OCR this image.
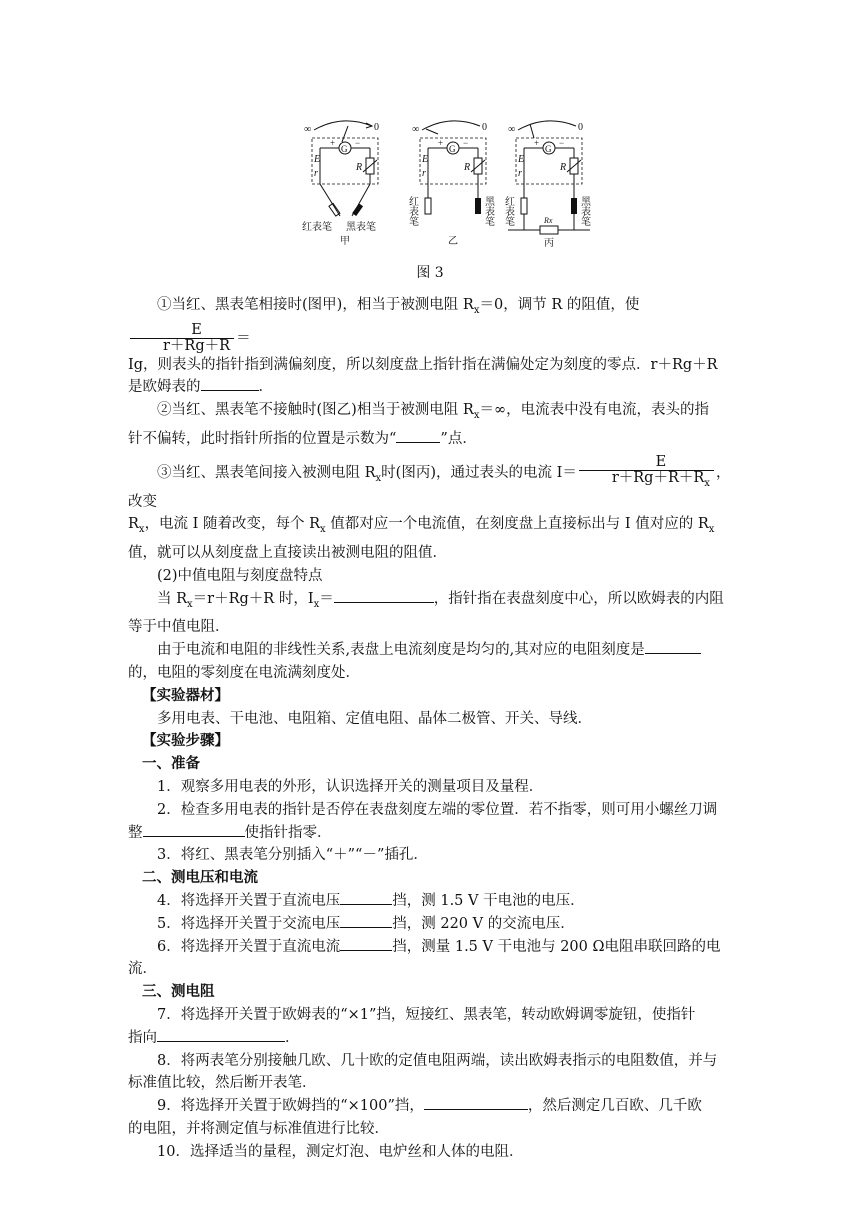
∞	0
G
+ −
E
r
R
红表笔 黑表笔
甲
∞	0
G
+ −
E
r
R
红表笔	黑表笔
乙
∞	0
G
+ −
E
r
R
Rx
红表笔	黑表笔
丙
图 3

①当红、黑表笔相接时(图甲)，相当于被测电阻 $R_x=0$，调节 R 的阻值，使
$\frac{E}{r+Rg+R}$ ＝

Ig，则表头的指针指到满偏刻度，所以刻度盘上指针指在满偏处定为刻度的零点．r＋Rg＋R

是欧姆表的	．

②当红、黑表笔不接触时(图乙)相当于被测电阻 $R_x=\infty$，电流表中没有电流，表头的指

针不偏转，此时指针所指的位置是示数为“	”点．

③当红、黑表笔间接入被测电阻 $R_x$时(图丙)，通过表头的电流 $I= \frac{E}{r+Rg+R+R_x}$ ，改变

$R_x$，电流 I 随着改变，每个 $R_x$ 值都对应一个电流值，在刻度盘上直接标出与 I 值对应的 $R_x$

值，就可以从刻度盘上直接读出被测电阻的阻值．

(2)中值电阻与刻度盘特点

当 $R_x=r+Rg+R$ 时，$I_x=$	，指针指在表盘刻度中心，所以欧姆表的内阻

等于中值电阻．

由于电流和电阻的非线性关系,表盘上电流刻度是均匀的,其对应的电阻刻度是

的，电阻的零刻度在电流满刻度处．

【实验器材】

多用电表、干电池、电阻箱、定值电阻、晶体二极管、开关、导线．

【实验步骤】

一、准备

1．观察多用电表的外形，认识选择开关的测量项目及量程．

2．检查多用电表的指针是否停在表盘刻度左端的零位置．若不指零，则可用小螺丝刀调

整	使指针指零．

3．将红、黑表笔分别插入“＋”“－”插孔．

二、测电压和电流

4．将选择开关置于直流电压	挡，测 1.5 V 干电池的电压．

5．将选择开关置于交流电压	挡，测 220 V 的交流电压．

6．将选择开关置于直流电流	挡，测量 1.5 V 干电池与 200 Ω电阻串联回路的电

流．

三、测电阻

7．将选择开关置于欧姆表的“×1”挡，短接红、黑表笔，转动欧姆调零旋钮，使指针

指向	．

8．将两表笔分别接触几欧、几十欧的定值电阻两端，读出欧姆表指示的电阻数值，并与

标准值比较，然后断开表笔．

9．将选择开关置于欧姆挡的“×100”挡，	，然后测定几百欧、几千欧

的电阻，并将测定值与标准值进行比较．

10．选择适当的量程，测定灯泡、电炉丝和人体的电阻．
